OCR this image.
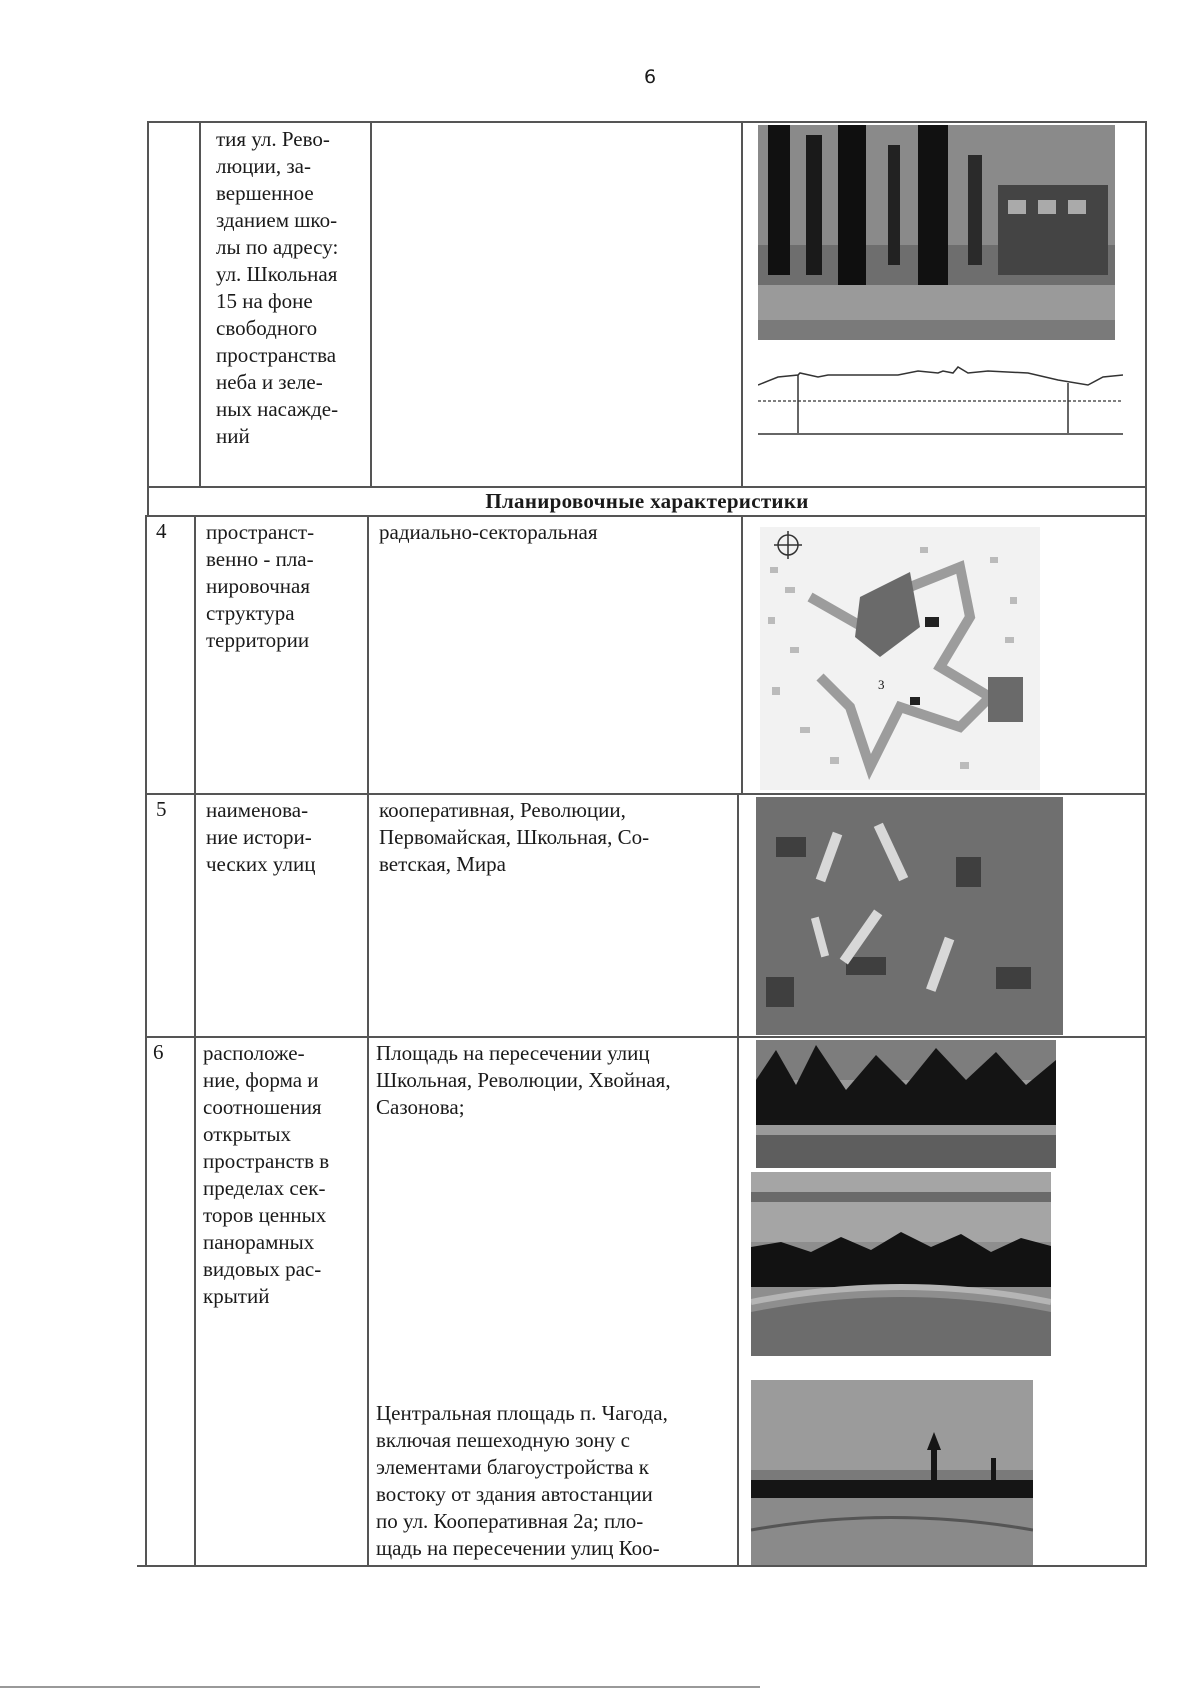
6
тия ул. Рево-
люции, за-
вершенное
зданием шко-
лы по адресу:
ул. Школьная
15 на фоне
свободного
пространства
неба и зеле-
ных насажде-
ний
Планировочные характеристики
4 пространст-
венно - пла-
нировочная
структура
территории
радиально-секторальная
3
5 наименова-
ние истори-
ческих улиц
кооперативная, Революции,
Первомайская, Школьная, Со-
ветская, Мира
6 расположе-
ние, форма и
соотношения
открытых
пространств в
пределах сек-
торов ценных
панорамных
видовых рас-
крытий
Площадь на пересечении улиц
Школьная, Революции, Хвойная,
Сазонова;
Центральная площадь п. Чагода,
включая пешеходную зону с
элементами благоустройства к
востоку от здания автостанции
по ул. Кооперативная 2а; пло-
щадь на пересечении улиц Коо-
